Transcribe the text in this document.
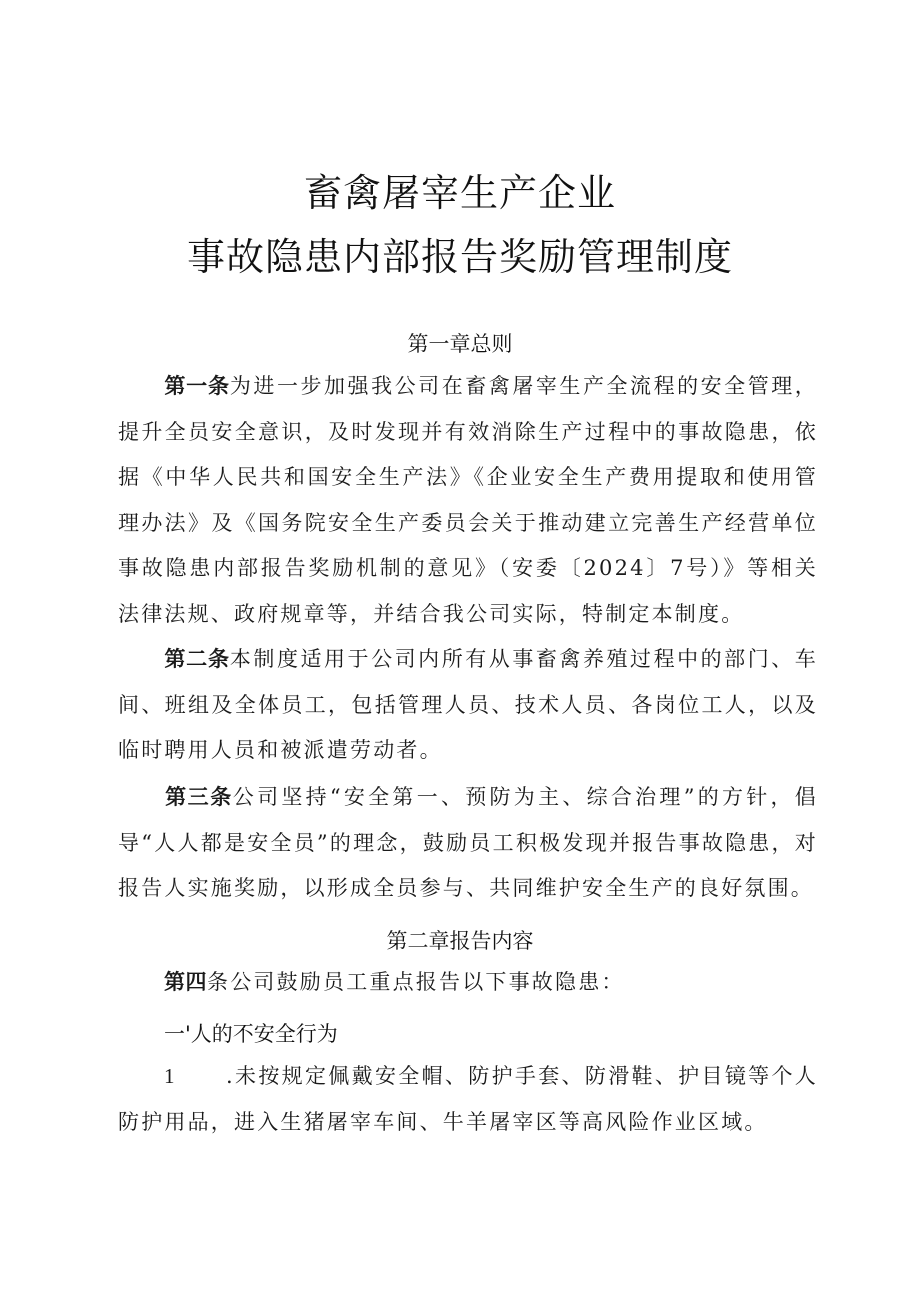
畜禽屠宰生产企业
事故隐患内部报告奖励管理制度
第一章总则
第一条为进一步加强我公司在畜禽屠宰生产全流程的安全管理，提升全员安全意识，及时发现并有效消除生产过程中的事故隐患，依据《中华人民共和国安全生产法》《企业安全生产费用提取和使用管理办法》及《国务院安全生产委员会关于推动建立完善生产经营单位事故隐患内部报告奖励机制的意见》（安委〔2024〕7号）》等相关法律法规、政府规章等，并结合我公司实际，特制定本制度。
第二条本制度适用于公司内所有从事畜禽养殖过程中的部门、车间、班组及全体员工，包括管理人员、技术人员、各岗位工人，以及临时聘用人员和被派遣劳动者。
第三条公司坚持“安全第一、预防为主、综合治理”的方针，倡导“人人都是安全员”的理念，鼓励员工积极发现并报告事故隐患，对报告人实施奖励，以形成全员参与、共同维护安全生产的良好氛围。
第二章报告内容
第四条公司鼓励员工重点报告以下事故隐患：
一'人的不安全行为
1 .未按规定佩戴安全帽、防护手套、防滑鞋、护目镜等个人防护用品，进入生猪屠宰车间、牛羊屠宰区等高风险作业区域。
